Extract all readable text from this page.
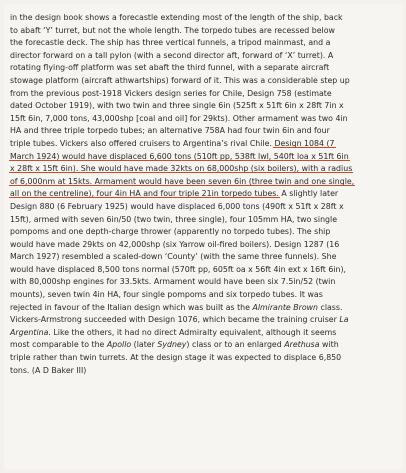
in the design book shows a forecastle extending most of the length of the ship, back
to abaft ‘Y’ turret, but not the whole length. The torpedo tubes are recessed below
the forecastle deck. The ship has three vertical funnels, a tripod mainmast, and a
director forward on a tall pylon (with a second director aft, forward of ‘X’ turret). A
rotating flying-off platform was set abaft the third funnel, with a separate aircraft
stowage platform (aircraft athwartships) forward of it. This was a considerable step up
from the previous post-1918 Vickers design series for Chile, Design 758 (estimate
dated October 1919), with two twin and three single 6in (525ft x 51ft 6in x 28ft 7in x
15ft 6in, 7,000 tons, 43,000shp [coal and oil] for 29kts). Other armament was two 4in
HA and three triple torpedo tubes; an alternative 758A had four twin 6in and four
triple tubes. Vickers also offered cruisers to Argentina’s rival Chile. Design 1084 (7
March 1924) would have displaced 6,600 tons (510ft pp, 538ft lwl, 540ft loa x 51ft 6in
x 28ft x 15ft 6in). She would have made 32kts on 68,000shp (six boilers), with a radius
of 6,000nm at 15kts. Armament would have been seven 6in (three twin and one single,
all on the centreline), four 4in HA and four triple 21in torpedo tubes. A slightly later
Design 880 (6 February 1925) would have displaced 6,000 tons (490ft x 51ft x 28ft x
15ft), armed with seven 6in/50 (two twin, three single), four 105mm HA, two single
pompoms and one depth-charge thrower (apparently no torpedo tubes). The ship
would have made 29kts on 42,000shp (six Yarrow oil-fired boilers). Design 1287 (16
March 1927) resembled a scaled-down ‘County’ (with the same three funnels). She
would have displaced 8,500 tons normal (570ft pp, 605ft oa x 56ft 4in ext x 16ft 6in),
with 80,000shp engines for 33.5kts. Armament would have been six 7.5in/52 (twin
mounts), seven twin 4in HA, four single pompoms and six torpedo tubes. It was
rejected in favour of the Italian design which was built as the Almirante Brown class.
Vickers-Armstrong succeeded with Design 1076, which became the training cruiser La
Argentina. Like the others, it had no direct Admiralty equivalent, although it seems
most comparable to the Apollo (later Sydney) class or to an enlarged Arethusa with
triple rather than twin turrets. At the design stage it was expected to displace 6,850
tons. (A D Baker III)
